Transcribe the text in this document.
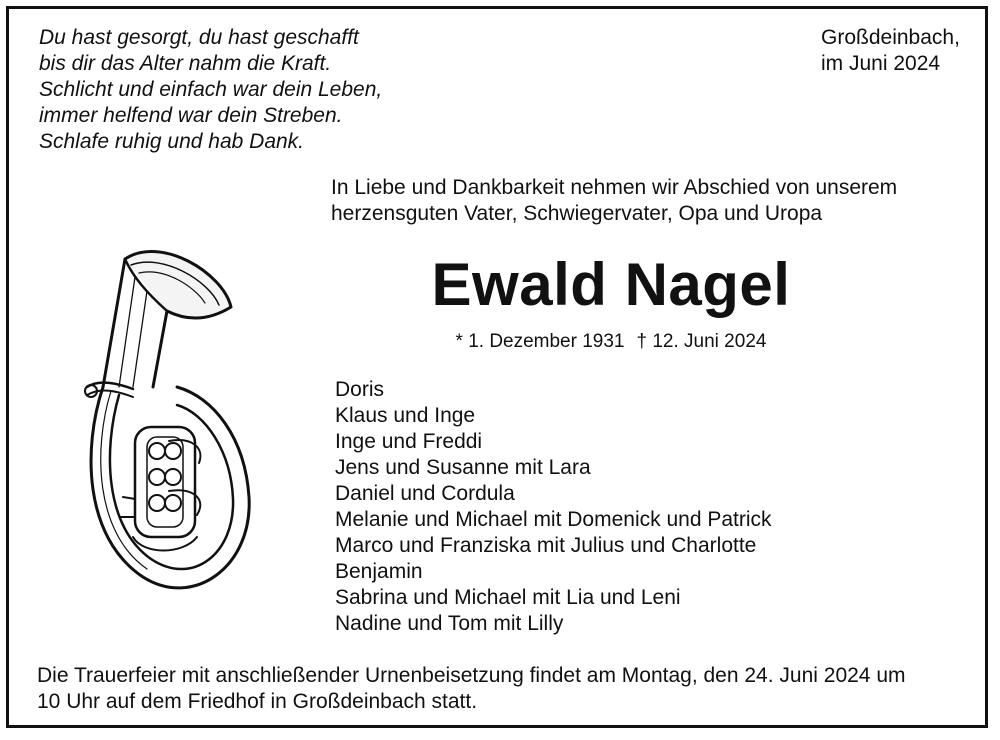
Du hast gesorgt, du hast geschafft
bis dir das Alter nahm die Kraft.
Schlicht und einfach war dein Leben,
immer helfend war dein Streben.
Schlafe ruhig und hab Dank.
Großdeinbach,
im Juni 2024
In Liebe und Dankbarkeit nehmen wir Abschied von unserem
herzensguten Vater, Schwiegervater, Opa und Uropa
Ewald Nagel
* 1. Dezember 1931 † 12. Juni 2024
Doris
Klaus und Inge
Inge und Freddi
Jens und Susanne mit Lara
Daniel und Cordula
Melanie und Michael mit Domenick und Patrick
Marco und Franziska mit Julius und Charlotte
Benjamin
Sabrina und Michael mit Lia und Leni
Nadine und Tom mit Lilly
Die Trauerfeier mit anschließender Urnenbeisetzung findet am Montag, den 24. Juni 2024 um
10 Uhr auf dem Friedhof in Großdeinbach statt.
